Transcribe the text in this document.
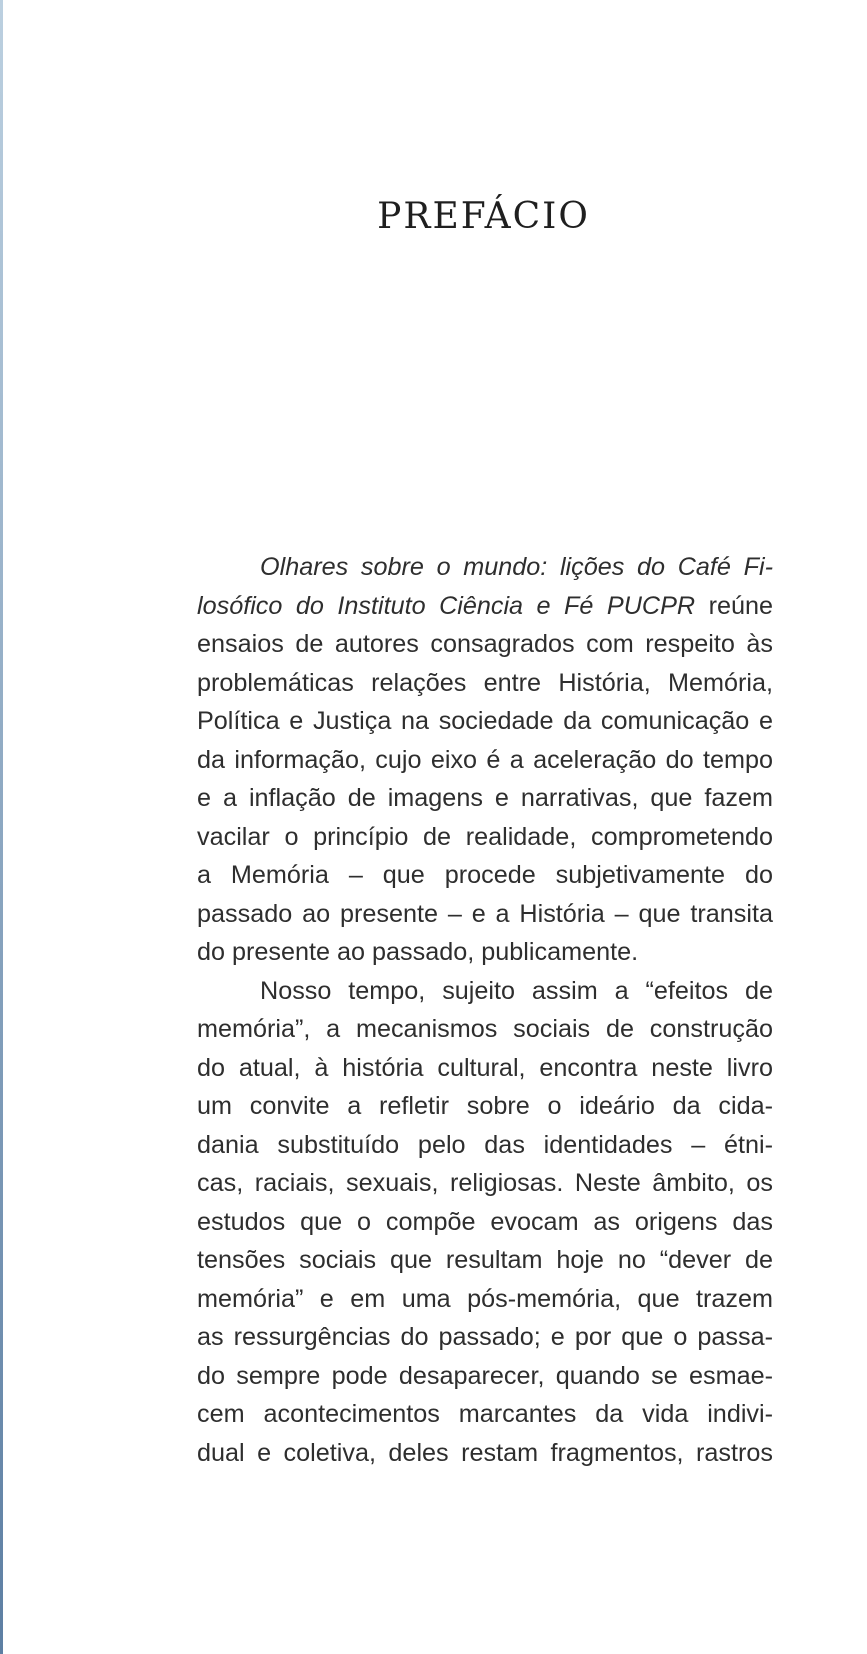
PREFÁCIO
Olhares sobre o mundo: lições do Café Fi-
losófico do Instituto Ciência e Fé PUCPR reúne
ensaios de autores consagrados com respeito às
problemáticas relações entre História, Memória,
Política e Justiça na sociedade da comunicação e
da informação, cujo eixo é a aceleração do tempo
e a inflação de imagens e narrativas, que fazem
vacilar o princípio de realidade, comprometendo
a Memória – que procede subjetivamente do
passado ao presente – e a História – que transita
do presente ao passado, publicamente.
Nosso tempo, sujeito assim a “efeitos de
memória”, a mecanismos sociais de construção
do atual, à história cultural, encontra neste livro
um convite a refletir sobre o ideário da cida-
dania substituído pelo das identidades – étni-
cas, raciais, sexuais, religiosas. Neste âmbito, os
estudos que o compõe evocam as origens das
tensões sociais que resultam hoje no “dever de
memória” e em uma pós-memória, que trazem
as ressurgências do passado; e por que o passa-
do sempre pode desaparecer, quando se esmae-
cem acontecimentos marcantes da vida indivi-
dual e coletiva, deles restam fragmentos, rastros
